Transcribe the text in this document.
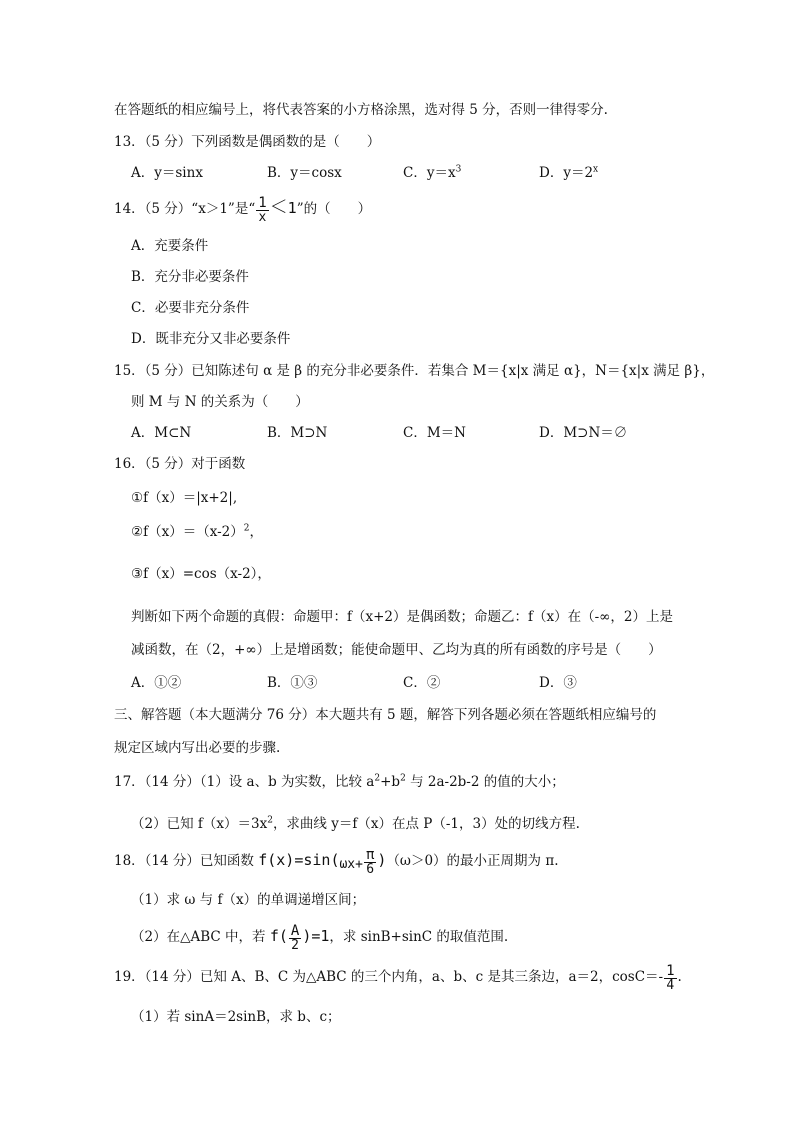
在答题纸的相应编号上，将代表答案的小方格涂黑，选对得 5 分，否则一律得零分.
13．（5 分）下列函数是偶函数的是（　　）
A．y＝sinx	B．y＝cosx	C．$y=x^3$	D．$y=2^x$
14．（5 分）“x＞1”是“ $\frac{1}{x} <1$”的（　　）
A．充要条件
B．充分非必要条件
C．必要非充分条件
D．既非充分又非必要条件
15．（5 分）已知陈述句 α 是 β 的充分非必要条件．若集合 M＝{x|x 满足 α}，N＝{x|x 满足 β}，
则 M 与 N 的关系为（　　）
A．M⊂N	B．M⊃N	C．M＝N	D．M⊃N＝∅
16．（5 分）对于函数
①f（x）＝|x+2|,
$②f(x)=(x-2)^2$，
③f（x）=cos（x-2），
判断如下两个命题的真假：命题甲：f（x+2）是偶函数；命题乙：f（x）在（-∞，2）上是
减函数，在（2，+∞）上是增函数；能使命题甲、乙均为真的所有函数的序号是（　　）
A．①②	B．①③	C．②	D．③
三、解答题（本大题满分 76 分）本大题共有 5 题，解答下列各题必须在答题纸相应编号的
规定区域内写出必要的步骤.
17．（14 分）（1）设 a、b 为实数，比较 $a^2+b^2$ 与 2a-2b-2 的值的大小；
（2）已知 $f(x)=3x^2$，求曲线 y＝f（x）在点 P（-1，3）处的切线方程.
18．（14 分）已知函数 $f(x)=\sin(\omega x+ \frac{\pi}{6} )(\omega>0)$的最小正周期为 π.
（1）求 ω 与 f（x）的单调递增区间；
（2）在△ABC 中，若 $f( \frac{A}{2} )=1$，求 sinB+sinC 的取值范围.
19．（14 分）已知 A、B、C 为△ABC 的三个内角，a、b、c 是其三条边，a＝2，$\cos C=- \frac{1}{4}$ .
（1）若 sinA＝2sinB，求 b、c；
